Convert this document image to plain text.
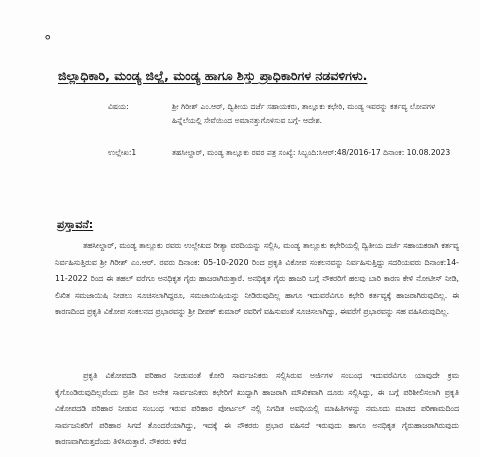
°
ಜಿಲ್ಲಾಧಿಕಾರಿ, ಮಂಡ್ಯ ಜಿಲ್ಲೆ, ಮಂಡ್ಯ ಹಾಗೂ ಶಿಸ್ತು ಪ್ರಾಧಿಕಾರಿಗಳ ನಡವಳಿಗಳು.
ವಿಷಯ:	ಶ್ರೀ ಗಿರೀಶ್ ಎಂ.ಆರ್, ದ್ವಿತೀಯ ದರ್ಜೆ ಸಹಾಯಕರು, ತಾಲ್ಲೂಕು ಕಛೇರಿ, ಮಂಡ್ಯ ಇವರನ್ನು ಕರ್ತವ್ಯ ಲೋಪಗಳ ಹಿನ್ನೆಲೆಯಲ್ಲಿ ಸೇವೆಯಿಂದ ಅಮಾನತ್ತುಗೊಳಿಸುವ ಬಗ್ಗೆ- ಆದೇಶ.
ಉಲ್ಲೇಖ:1	ತಹಸೀಲ್ದಾರ್, ಮಂಡ್ಯ ತಾಲ್ಲೂಕು ರವರ ಪತ್ರ ಸಂಖ್ಯೆ: ಸಿಬ್ಬಂದಿ:ಸಿಆರ್:48/2016-17 ದಿನಾಂಕ: 10.08.2023
ಪ್ರಸ್ತಾವನೆ:

ತಹಸೀಲ್ದಾರ್, ಮಂಡ್ಯ ತಾಲ್ಲೂಕು ರವರು ಉಲ್ಲೇಖದ ರೀತ್ಯಾ ವರದಿಯನ್ನು ಸಲ್ಲಿಸಿ, ಮಂಡ್ಯ ತಾಲ್ಲೂಕು ಕಛೇರಿಯಲ್ಲಿ ದ್ವಿತೀಯ ದರ್ಜೆ ಸಹಾಯಕರಾಗಿ ಕರ್ತವ್ಯ ನಿರ್ವಹಿಸುತ್ತಿರುವ ಶ್ರೀ ಗಿರೀಶ್ ಎಂ.ಆರ್. ರವರು ದಿನಾಂಕ: 05-10-2020 ರಿಂದ ಪ್ರಕೃತಿ ವಿಕೋಪ ಸಂಕಲನವನ್ನು ನಿರ್ವಹಿಸುತ್ತಿದ್ದು ಸದರಿಯವರು ದಿನಾಂಕ:14-11-2022 ರಿಂದ ಈ ತಹಲ್ ವರೆಗೂ ಅನಧಿಕೃತ ಗೈರು ಹಾಜರಾಗಿರುತ್ತಾರೆ. ಅನಧಿಕೃತ ಗೈರು ಹಾಜರಿ ಬಗ್ಗೆ ನೌಕರರಿಗೆ ಹಲವು ಬಾರಿ ಕಾರಣ ಕೇಳಿ ನೋಟೀಸ್ ನೀಡಿ, ಲಿಖಿತ ಸಮಜಾಯಿಷಿ ನೀಡಲು ಸೂಚಿಸಲಾಗಿದ್ದರೂ, ಸಮಜಾಯಿಷಿಯನ್ನು ನೀಡಿರುವುದಿಲ್ಲ ಹಾಗೂ ಇದುವರೆವಿಗೂ ಕಛೇರಿ ಕರ್ತವ್ಯಕ್ಕೆ ಹಾಜರಾಗಿರುವುದಿಲ್ಲ. ಈ ಕಾರಣದಿಂದ ಪ್ರಕೃತಿ ವಿಕೋಪ ಸಂಕಲನದ ಪ್ರಭಾರವನ್ನು ಶ್ರೀ ದೀಪಕ್ ಕುಮಾರ್ ರವರಿಗೆ ವಹಿಸುವಂತೆ ಸೂಚಿಸಲಾಗಿದ್ದು, ಈವರೆಗೆ ಪ್ರಭಾರವನ್ನು ಸಹ ವಹಿಸಿರುವುದಿಲ್ಲ.

ಪ್ರಕೃತಿ ವಿಕೋಪದಡಿ ಪರಿಹಾರ ನೀಡುವಂತೆ ಕೋರಿ ಸಾರ್ವಜನಿಕರು ಸಲ್ಲಿಸಿರುವ ಅರ್ಜಿಗಳ ಸಂಬಂಧ ಇದುವರೆವಿಗೂ ಯಾವುದೇ ಕ್ರಮ ಕೈಗೊಂಡಿರುವುದಿಲ್ಲವೆಂದು ಪ್ರತೀ ದಿನ ಅನೇಕ ಸಾರ್ವಜನಿಕರು ಕಛೇರಿಗೆ ಖುದ್ದಾಗಿ ಹಾಜರಾಗಿ ಮೌಖಿಕವಾಗಿ ದೂರು ಸಲ್ಲಿಸಿದ್ದು, ಈ ಬಗ್ಗೆ ಪರಿಶೀಲಿಸಲಾಗಿ ಪ್ರಕೃತಿ ವಿಕೋಪದಡಿ ಪರಿಹಾರ ನೀಡುವ ಸಂಬಂಧ ಇರುವ ಪರಿಹಾರ ಪೋರ್ಟಲ್ ನಲ್ಲಿ ನಿಗದಿತ ಅವಧಿಯಲ್ಲಿ ಮಾಹಿತಿಗಳನ್ನು ನಮೂದು ಮಾಡದ ಪರಿಣಾಮದಿಂದ ಸಾರ್ವಜನಿಕರಿಗೆ ಪರಿಹಾರ ಸಿಗದೆ ತೊಂದರೆಯಾಗಿದ್ದು, ಇದಕ್ಕೆ ಈ ನೌಕರರು ಪ್ರಭಾರ ವಹಿಸದೆ ಇರುವುದು ಹಾಗೂ ಅನಧಿಕೃತ ಗೈರುಹಾಜರಾಗಿರುವುದು ಕಾರಣವಾಗಿರುತ್ತದೆಂದು ತಿಳಿಸಿರುತ್ತಾರೆ. ನೌಕರರು ಕಳೆದ
